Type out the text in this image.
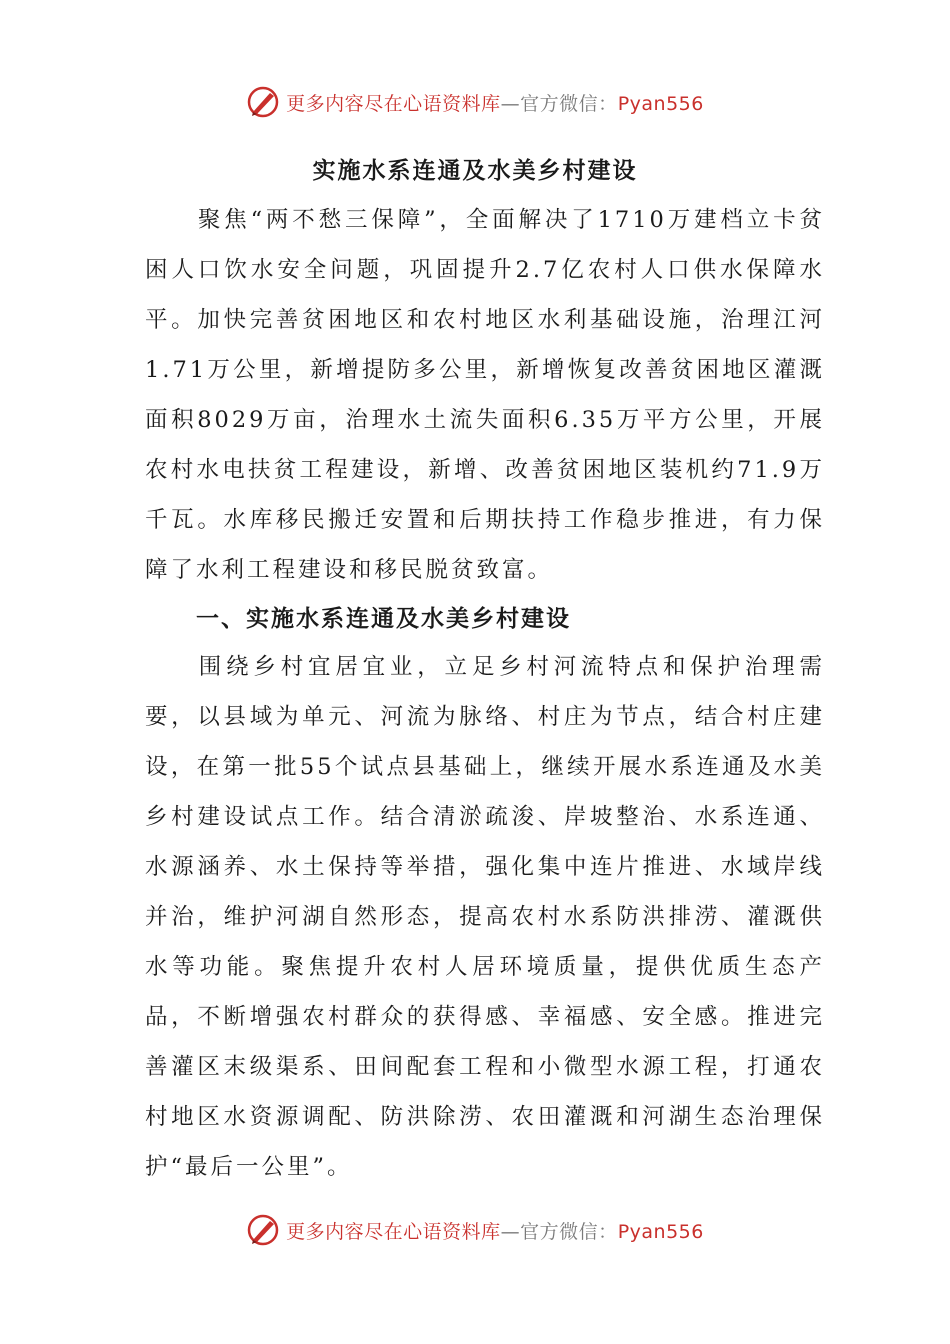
更多内容尽在心语资料库—官方微信：Pyan556
实施水系连通及水美乡村建设

聚焦“两不愁三保障”，全面解决了1710万建档立卡贫困人口饮水安全问题，巩固提升2.7亿农村人口供水保障水平。加快完善贫困地区和农村地区水利基础设施，治理江河1.71万公里，新增提防多公里，新增恢复改善贫困地区灌溉面积8029万亩，治理水土流失面积6.35万平方公里，开展农村水电扶贫工程建设，新增、改善贫困地区装机约71.9万千瓦。水库移民搬迁安置和后期扶持工作稳步推进，有力保障了水利工程建设和移民脱贫致富。

一、实施水系连通及水美乡村建设

围绕乡村宜居宜业，立足乡村河流特点和保护治理需要，以县域为单元、河流为脉络、村庄为节点，结合村庄建设，在第一批55个试点县基础上，继续开展水系连通及水美乡村建设试点工作。结合清淤疏浚、岸坡整治、水系连通、水源涵养、水土保持等举措，强化集中连片推进、水域岸线并治，维护河湖自然形态，提高农村水系防洪排涝、灌溉供水等功能。聚焦提升农村人居环境质量，提供优质生态产品，不断增强农村群众的获得感、幸福感、安全感。推进完善灌区末级渠系、田间配套工程和小微型水源工程，打通农村地区水资源调配、防洪除涝、农田灌溉和河湖生态治理保护“最后一公里”。

更多内容尽在心语资料库—官方微信：Pyan556
